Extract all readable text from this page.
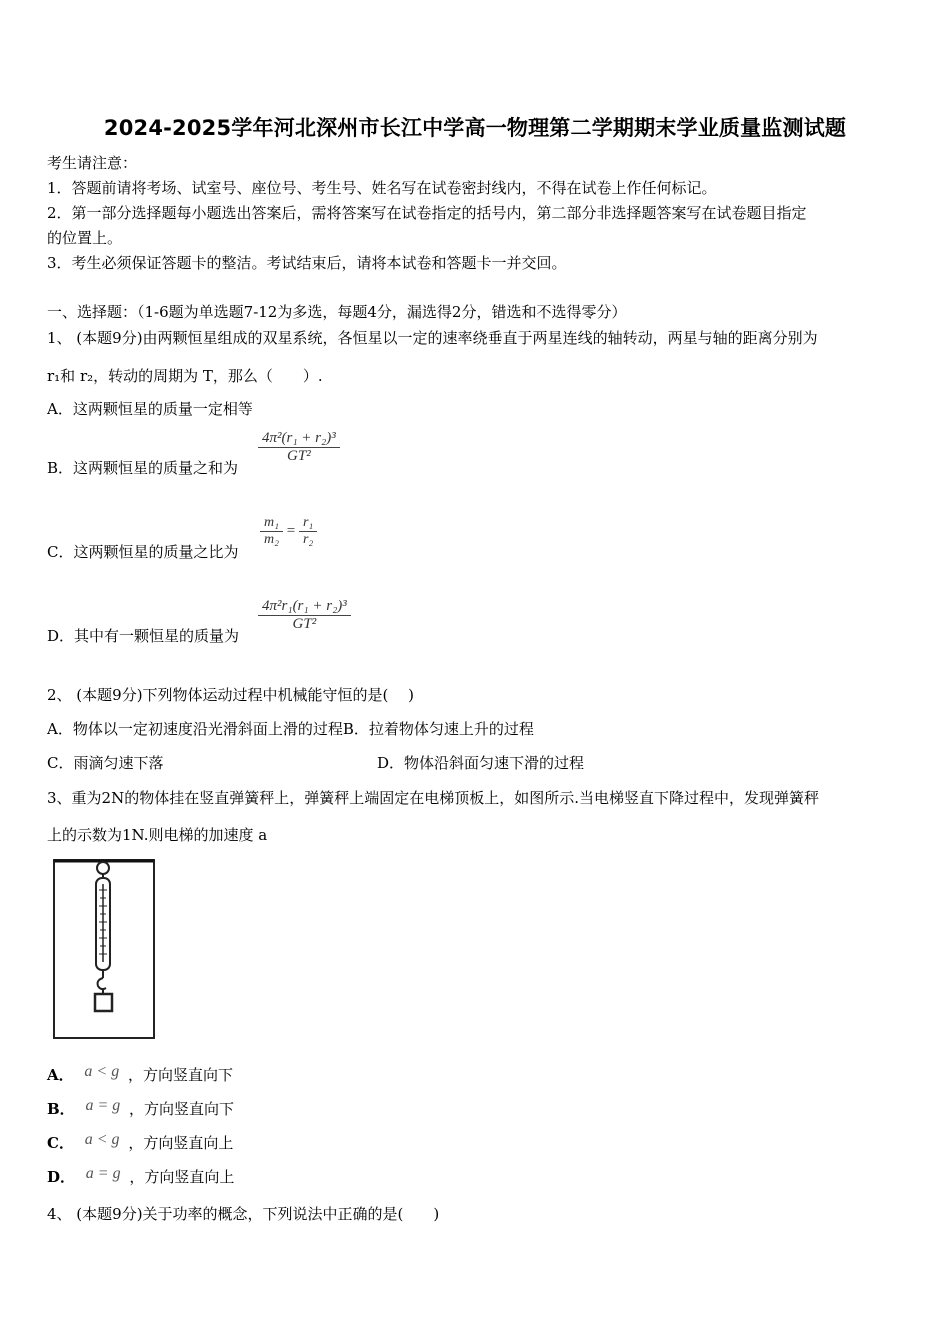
2024-2025学年河北深州市长江中学高一物理第二学期期末学业质量监测试题
考生请注意：
1．答题前请将考场、试室号、座位号、考生号、姓名写在试卷密封线内，不得在试卷上作任何标记。
2．第一部分选择题每小题选出答案后，需将答案写在试卷指定的括号内，第二部分非选择题答案写在试卷题目指定
的位置上。
3．考生必须保证答题卡的整洁。考试结束后，请将本试卷和答题卡一并交回。
一、选择题：（1-6题为单选题7-12为多选，每题4分，漏选得2分，错选和不选得零分）
1、 (本题9分)由两颗恒星组成的双星系统，各恒星以一定的速率绕垂直于两星连线的轴转动，两星与轴的距离分别为
r₁和 r₂，转动的周期为 T，那么（　　）.
A．这两颗恒星的质量一定相等
B．这两颗恒星的质量之和为
$\frac{\text{4π²(r₁ + r₂)³}}{\text{GT²}}$
C．这两颗恒星的质量之比为
$\frac{\text{m₁}}{\text{m₂}} = \frac{\text{r₁}}{\text{r₂}}$
D．其中有一颗恒星的质量为
$\frac{\text{4π²r₁(r₁ + r₂)³}}{\text{GT²}}$
2、 (本题9分)下列物体运动过程中机械能守恒的是(　 )
A．物体以一定初速度沿光滑斜面上滑的过程B．拉着物体匀速上升的过程
C．雨滴匀速下落	D．物体沿斜面匀速下滑的过程
3、重为2N的物体挂在竖直弹簧秤上，弹簧秤上端固定在电梯顶板上，如图所示.当电梯竖直下降过程中，发现弹簧秤
上的示数为1N.则电梯的加速度 a
A． a < g ，方向竖直向下
B． a = g ，方向竖直向下
C． a < g ，方向竖直向上
D． a = g ，方向竖直向上
4、 (本题9分)关于功率的概念，下列说法中正确的是(　　)
